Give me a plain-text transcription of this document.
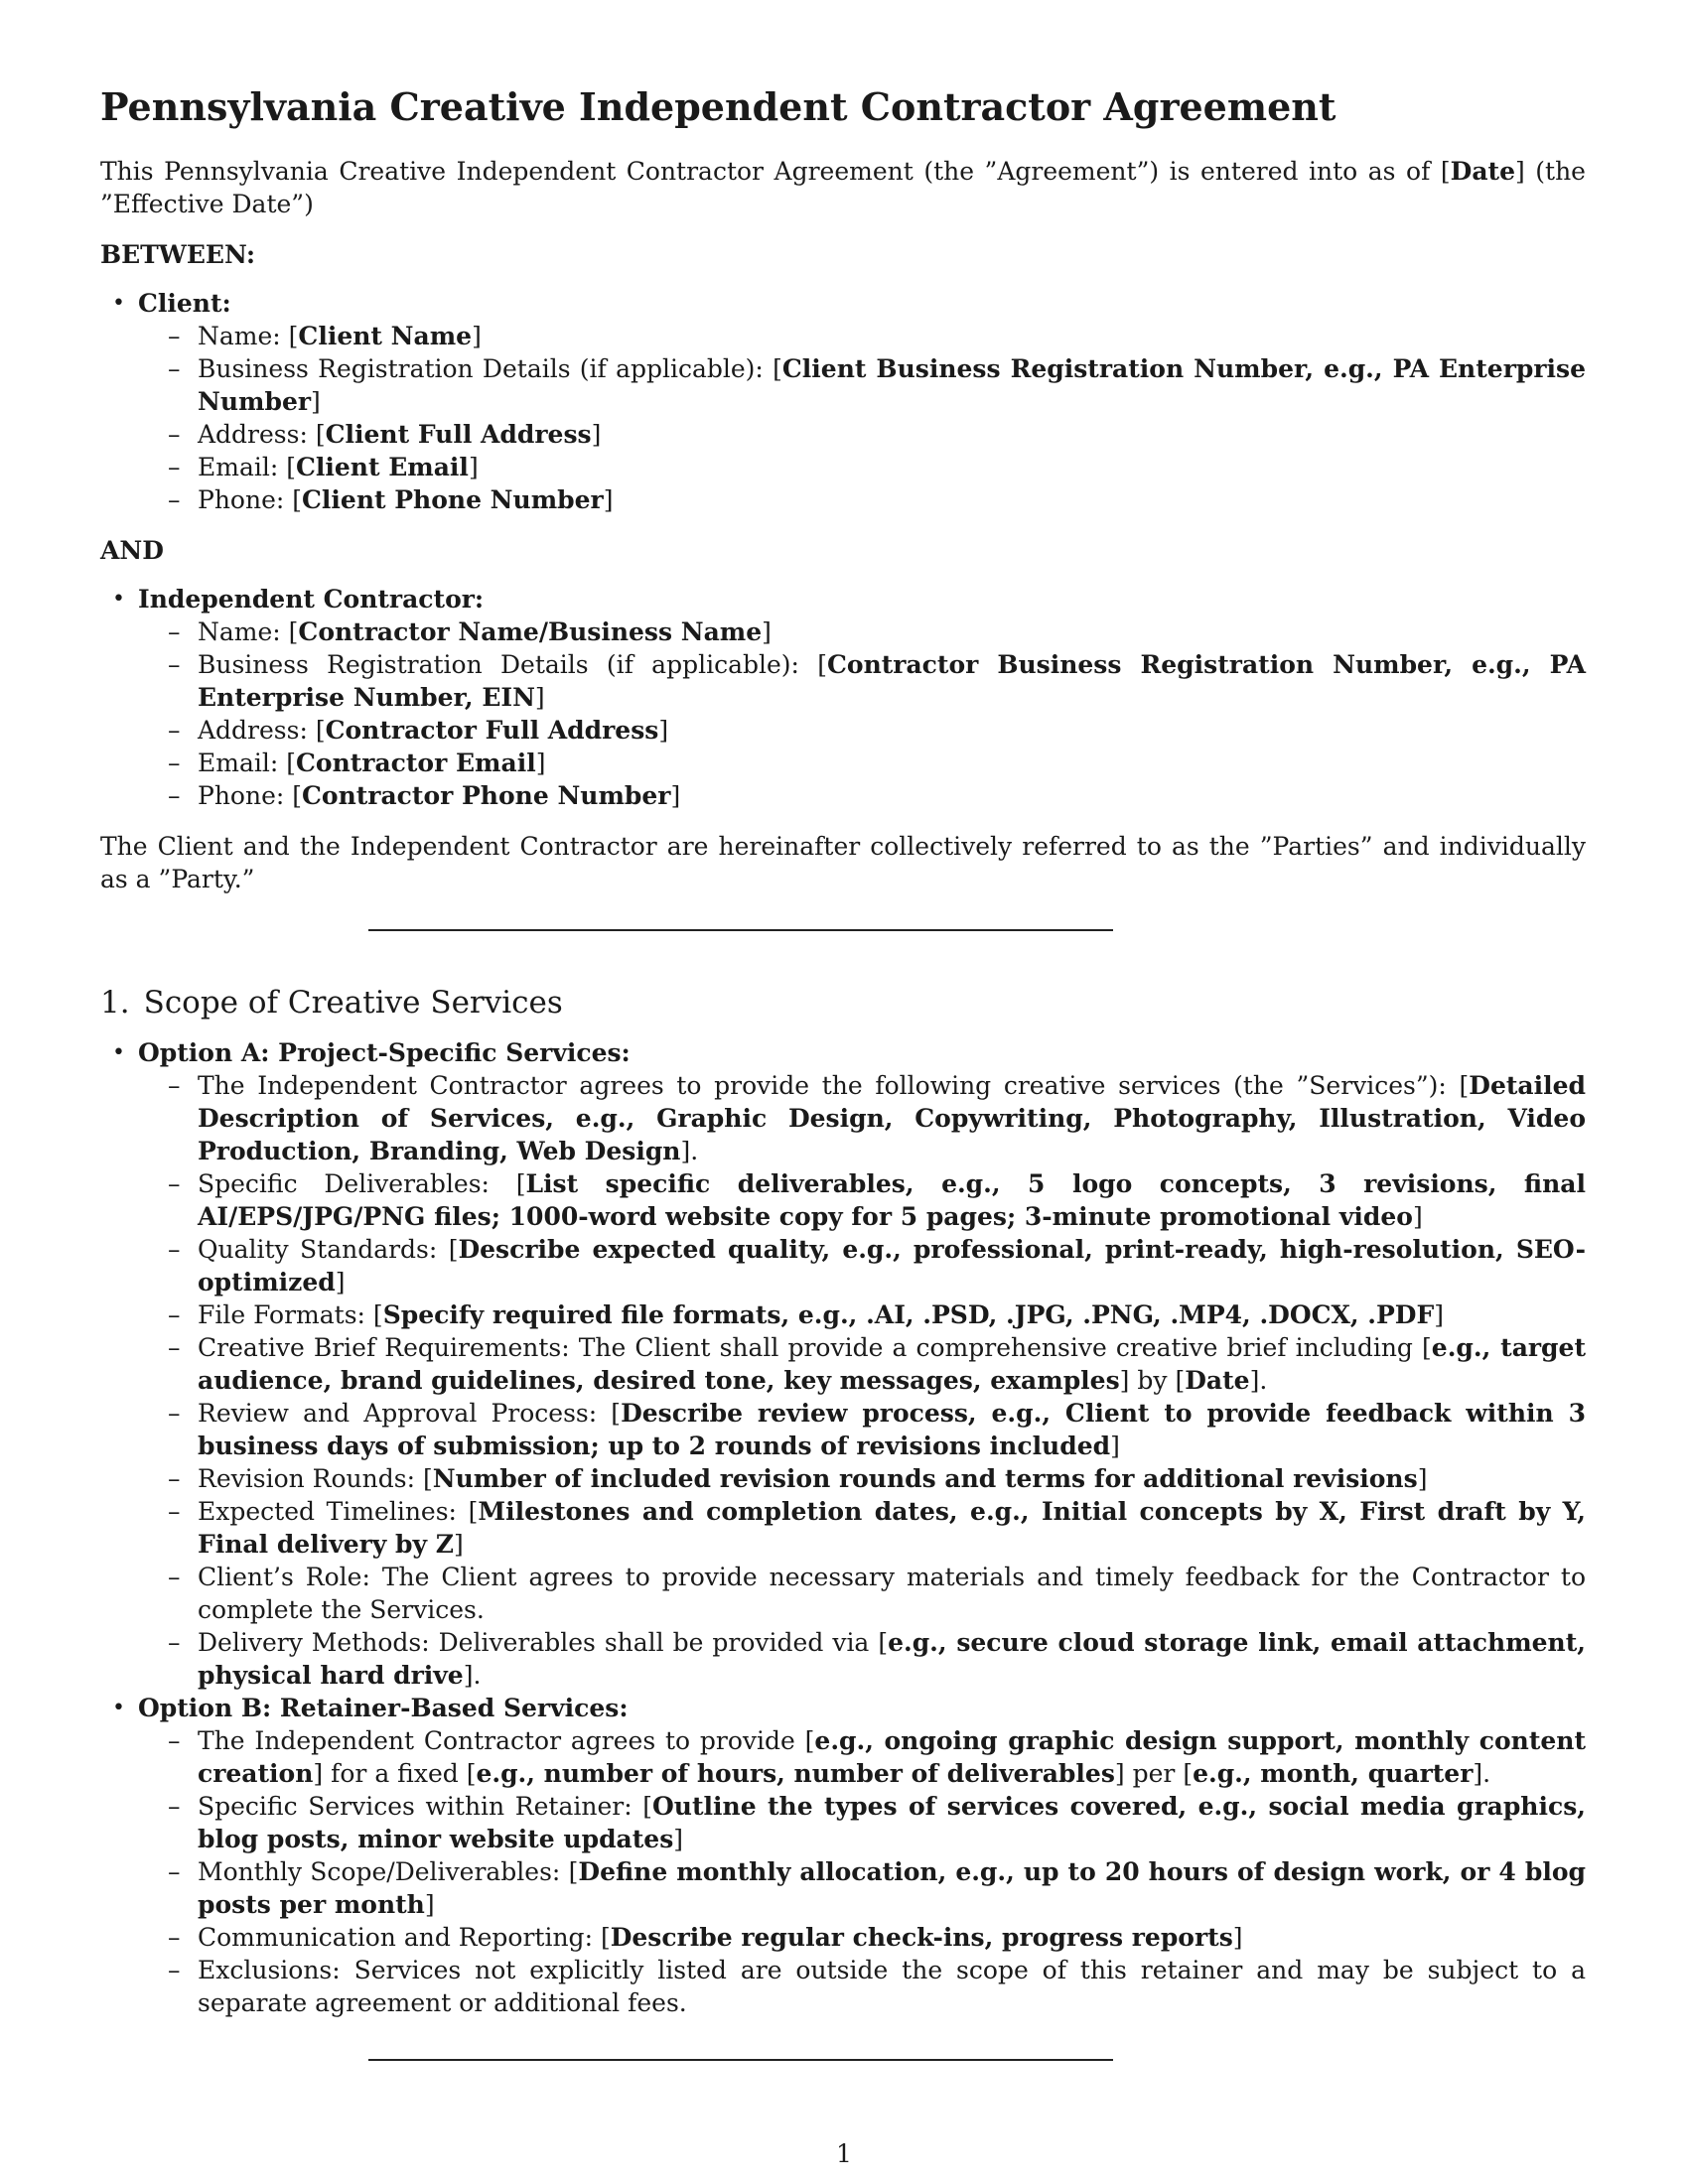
Pennsylvania Creative Independent Contractor Agreement

This Pennsylvania Creative Independent Contractor Agreement (the ”Agreement”) is entered into as of [Date] (the ”Effective Date”)

BETWEEN:

• Client:
– Name: [Client Name]
– Business Registration Details (if applicable): [Client Business Registration Number, e.g., PA Enterprise Number]
– Address: [Client Full Address]
– Email: [Client Email]
– Phone: [Client Phone Number]

AND

• Independent Contractor:
– Name: [Contractor Name/Business Name]
– Business Registration Details (if applicable): [Contractor Business Registration Number, e.g., PA Enterprise Number, EIN]
– Address: [Contractor Full Address]
– Email: [Contractor Email]
– Phone: [Contractor Phone Number]

The Client and the Independent Contractor are hereinafter collectively referred to as the ”Parties” and individually as a ”Party.”

1. Scope of Creative Services
• Option A: Project-Specific Services:
– The Independent Contractor agrees to provide the following creative services (the ”Services”): [Detailed Description of Services, e.g., Graphic Design, Copywriting, Photography, Illustration, Video Production, Branding, Web Design].
– Specific Deliverables: [List specific deliverables, e.g., 5 logo concepts, 3 revisions, final AI/EPS/JPG/PNG files; 1000-word website copy for 5 pages; 3-minute promotional video]
– Quality Standards: [Describe expected quality, e.g., professional, print-ready, high-resolution, SEO-optimized]
– File Formats: [Specify required file formats, e.g., .AI, .PSD, .JPG, .PNG, .MP4, .DOCX, .PDF]
– Creative Brief Requirements: The Client shall provide a comprehensive creative brief including [e.g., target audience, brand guidelines, desired tone, key messages, examples] by [Date].
– Review and Approval Process: [Describe review process, e.g., Client to provide feedback within 3 business days of submission; up to 2 rounds of revisions included]
– Revision Rounds: [Number of included revision rounds and terms for additional revisions]
– Expected Timelines: [Milestones and completion dates, e.g., Initial concepts by X, First draft by Y, Final delivery by Z]
– Client’s Role: The Client agrees to provide necessary materials and timely feedback for the Contractor to complete the Services.
– Delivery Methods: Deliverables shall be provided via [e.g., secure cloud storage link, email attachment, physical hard drive].
• Option B: Retainer-Based Services:
– The Independent Contractor agrees to provide [e.g., ongoing graphic design support, monthly content creation] for a fixed [e.g., number of hours, number of deliverables] per [e.g., month, quarter].
– Specific Services within Retainer: [Outline the types of services covered, e.g., social media graphics, blog posts, minor website updates]
– Monthly Scope/Deliverables: [Define monthly allocation, e.g., up to 20 hours of design work, or 4 blog posts per month]
– Communication and Reporting: [Describe regular check-ins, progress reports]
– Exclusions: Services not explicitly listed are outside the scope of this retainer and may be subject to a separate agreement or additional fees.
1
